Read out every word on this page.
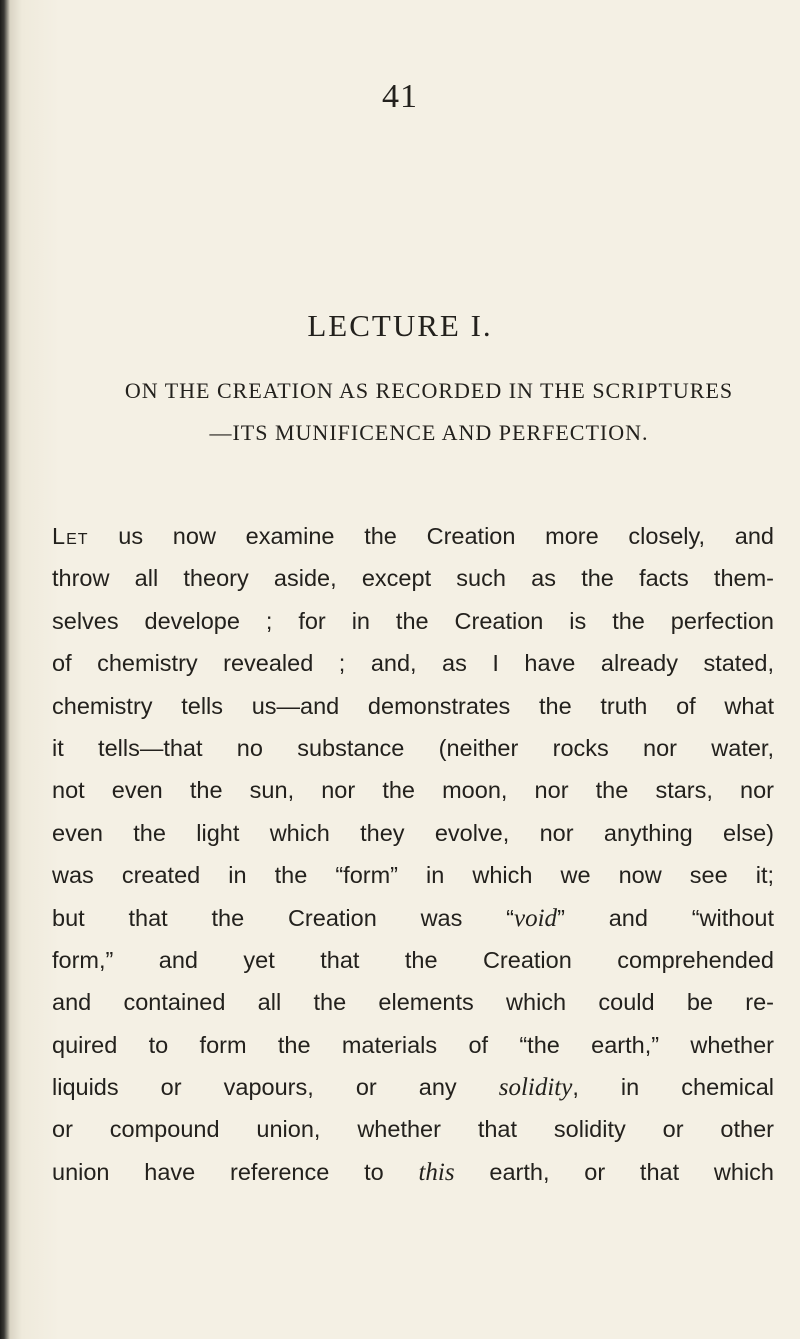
41
LECTURE I.
ON THE CREATION AS RECORDED IN THE SCRIPTURES
—ITS MUNIFICENCE AND PERFECTION.
Let us now examine the Creation more closely, and
throw all theory aside, except such as the facts them-
selves develope ; for in the Creation is the perfection
of chemistry revealed ; and, as I have already stated,
chemistry tells us—and demonstrates the truth of what
it tells—that no substance (neither rocks nor water,
not even the sun, nor the moon, nor the stars, nor
even the light which they evolve, nor anything else)
was created in the “form” in which we now see it;
but that the Creation was “void” and “without
form,” and yet that the Creation comprehended
and contained all the elements which could be re-
quired to form the materials of “the earth,” whether
liquids or vapours, or any solidity, in chemical
or compound union, whether that solidity or other
union have reference to this earth, or that which
